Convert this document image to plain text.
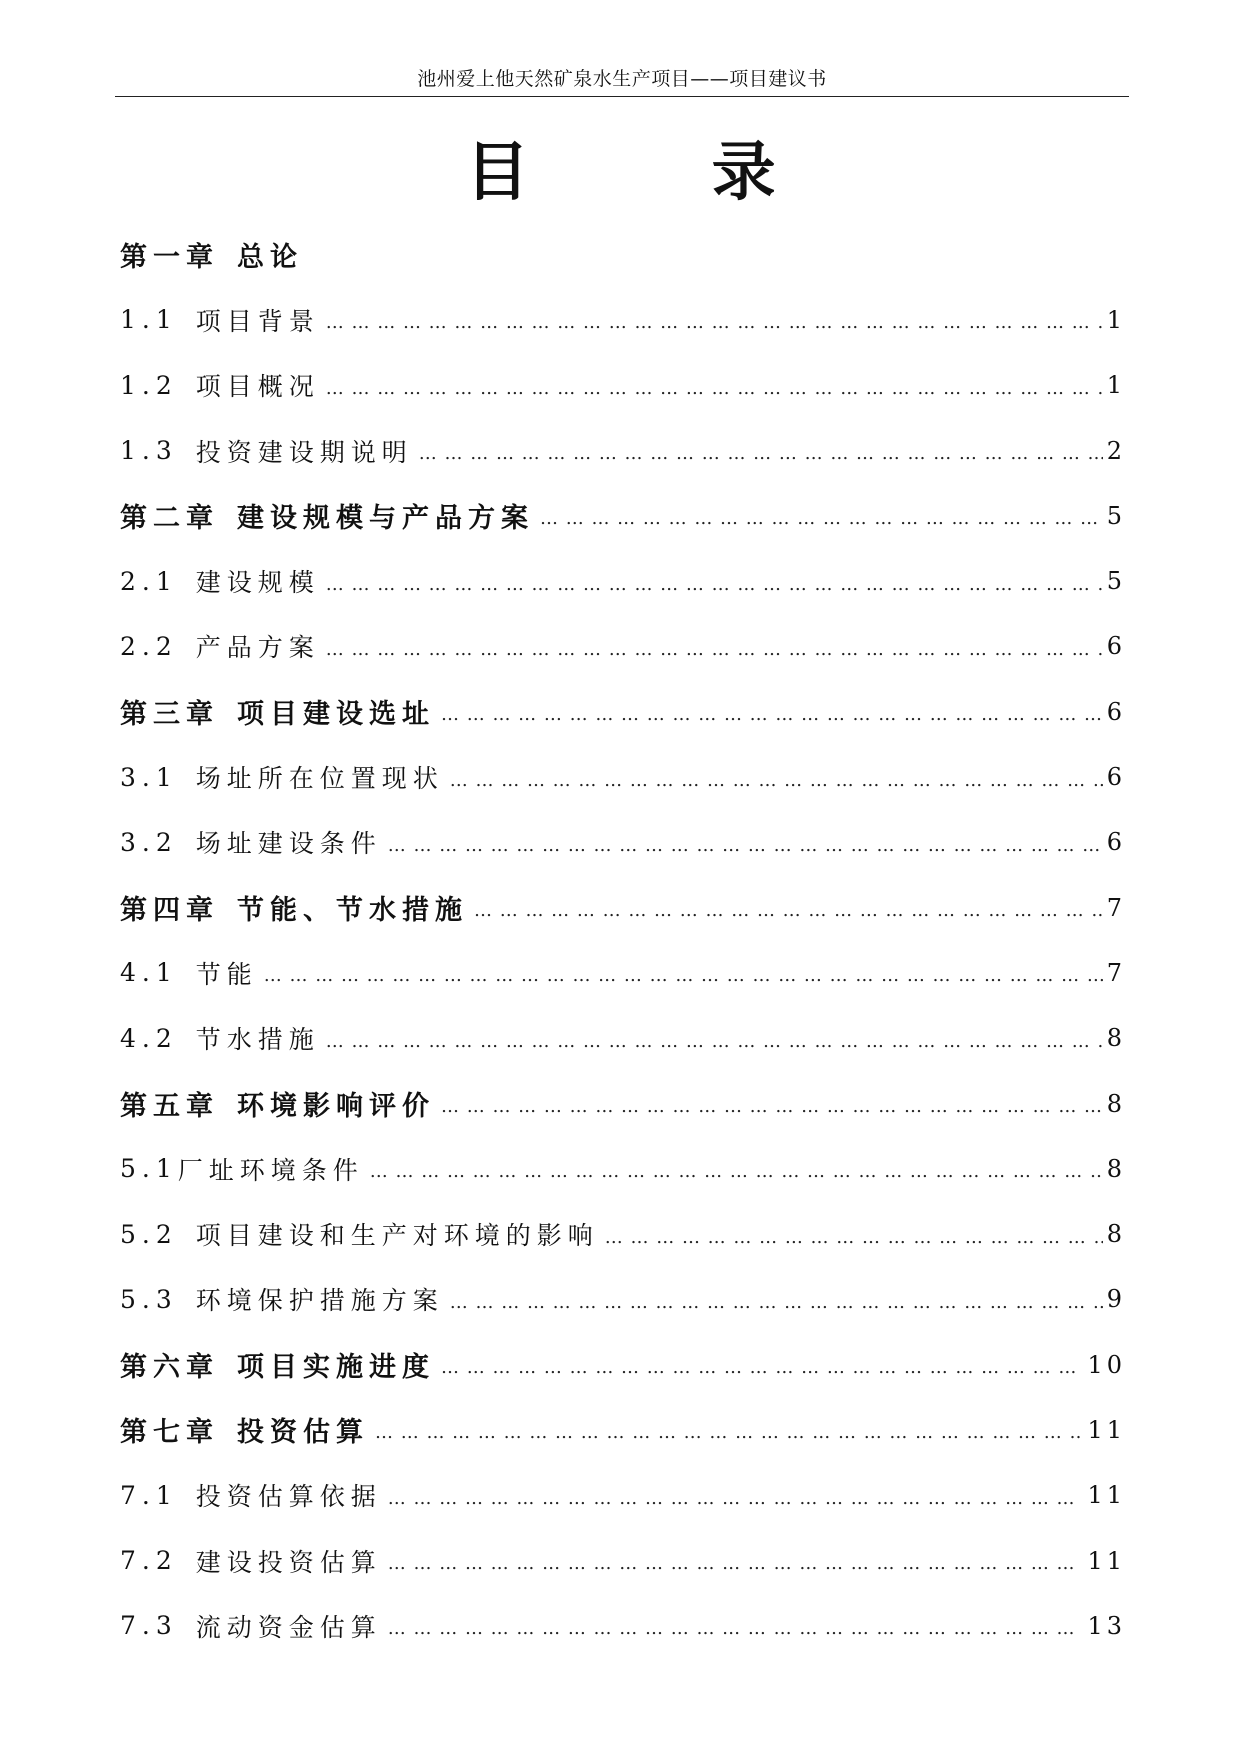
池州爱上他天然矿泉水生产项目——项目建议书
目 录
第一章 总论
1.1 项目背景 … … … … … … … … … … … … … … … … … … … … … … … … … … … … … … … … … … … … … … … … … … … … … … … … … … … … … … … … … … … … … … … … … … … … … … … …	1
1.2 项目概况 … … … … … … … … … … … … … … … … … … … … … … … … … … … … … … … … … … … … … … … … … … … … … … … … … … … … … … … … … … … … … … … … … … … … … … … …	1
1.3 投资建设期说明 … … … … … … … … … … … … … … … … … … … … … … … … … … … … … … … … … … … … … … … … … … … … … … … … … … … … … … … … … … … … … … … … … … … … … … … …	2
第二章 建设规模与产品方案 … … … … … … … … … … … … … … … … … … … … … … … … … … … … … … … … … … … … … … … … … … … … … … … … … … … … … … … … … … … … … … … … … … … … … … … …	5
2.1 建设规模 … … … … … … … … … … … … … … … … … … … … … … … … … … … … … … … … … … … … … … … … … … … … … … … … … … … … … … … … … … … … … … … … … … … … … … … …	5
2.2 产品方案 … … … … … … … … … … … … … … … … … … … … … … … … … … … … … … … … … … … … … … … … … … … … … … … … … … … … … … … … … … … … … … … … … … … … … … … …	6
第三章 项目建设选址 … … … … … … … … … … … … … … … … … … … … … … … … … … … … … … … … … … … … … … … … … … … … … … … … … … … … … … … … … … … … … … … … … … … … … … … …	6
3.1 场址所在位置现状 … … … … … … … … … … … … … … … … … … … … … … … … … … … … … … … … … … … … … … … … … … … … … … … … … … … … … … … … … … … … … … … … … … … … … … … …	6
3.2 场址建设条件 … … … … … … … … … … … … … … … … … … … … … … … … … … … … … … … … … … … … … … … … … … … … … … … … … … … … … … … … … … … … … … … … … … … … … … … …	6
第四章 节能、节水措施 … … … … … … … … … … … … … … … … … … … … … … … … … … … … … … … … … … … … … … … … … … … … … … … … … … … … … … … … … … … … … … … … … … … … … … … …	7
4.1 节能 … … … … … … … … … … … … … … … … … … … … … … … … … … … … … … … … … … … … … … … … … … … … … … … … … … … … … … … … … … … … … … … … … … … … … … … …	7
4.2 节水措施 … … … … … … … … … … … … … … … … … … … … … … … … … … … … … … … … … … … … … … … … … … … … … … … … … … … … … … … … … … … … … … … … … … … … … … … …	8
第五章 环境影响评价 … … … … … … … … … … … … … … … … … … … … … … … … … … … … … … … … … … … … … … … … … … … … … … … … … … … … … … … … … … … … … … … … … … … … … … … …	8
5.1 厂址环境条件 … … … … … … … … … … … … … … … … … … … … … … … … … … … … … … … … … … … … … … … … … … … … … … … … … … … … … … … … … … … … … … … … … … … … … … … …	8
5.2 项目建设和生产对环境的影响 … … … … … … … … … … … … … … … … … … … … … … … … … … … … … … … … … … … … … … … … … … … … … … … … … … … … … … … … … … … … … … … … … … … … … … … …	8
5.3 环境保护措施方案 … … … … … … … … … … … … … … … … … … … … … … … … … … … … … … … … … … … … … … … … … … … … … … … … … … … … … … … … … … … … … … … … … … … … … … … …	9
第六章 项目实施进度 … … … … … … … … … … … … … … … … … … … … … … … … … … … … … … … … … … … … … … … … … … … … … … … … … … … … … … … … … … … … … … … … … … … … … … … …	10
第七章 投资估算 … … … … … … … … … … … … … … … … … … … … … … … … … … … … … … … … … … … … … … … … … … … … … … … … … … … … … … … … … … … … … … … … … … … … … … … …	11
7.1 投资估算依据 … … … … … … … … … … … … … … … … … … … … … … … … … … … … … … … … … … … … … … … … … … … … … … … … … … … … … … … … … … … … … … … … … … … … … … … …	11
7.2 建设投资估算 … … … … … … … … … … … … … … … … … … … … … … … … … … … … … … … … … … … … … … … … … … … … … … … … … … … … … … … … … … … … … … … … … … … … … … … …	11
7.3 流动资金估算 … … … … … … … … … … … … … … … … … … … … … … … … … … … … … … … … … … … … … … … … … … … … … … … … … … … … … … … … … … … … … … … … … … … … … … … …	13
